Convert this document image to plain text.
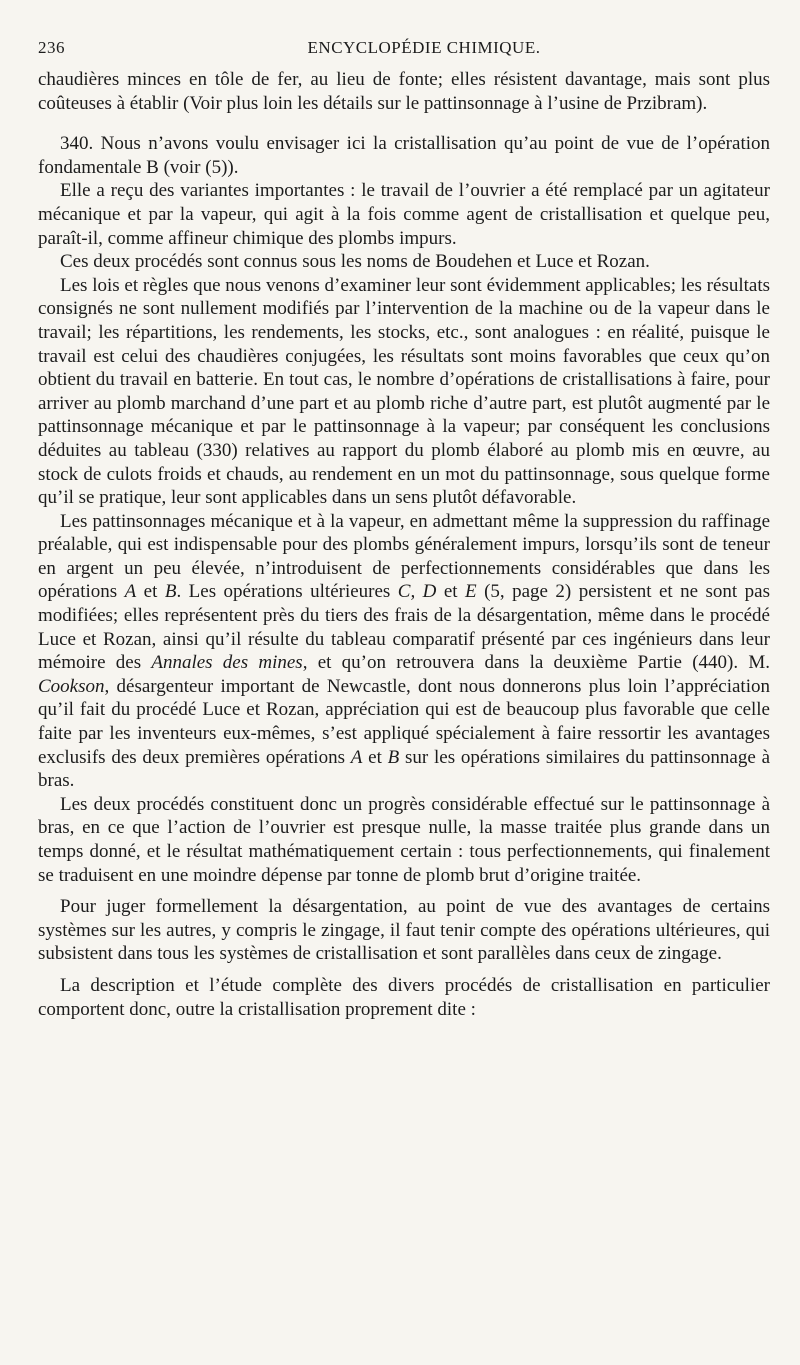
236	ENCYCLOPÉDIE CHIMIQUE.

chaudières minces en tôle de fer, au lieu de fonte; elles résistent davantage, mais sont plus coûteuses à établir (Voir plus loin les détails sur le pattinsonnage à l’usine de Przibram).

340. Nous n’avons voulu envisager ici la cristallisation qu’au point de vue de l’opération fondamentale B (voir (5)).

Elle a reçu des variantes importantes : le travail de l’ouvrier a été remplacé par un agitateur mécanique et par la vapeur, qui agit à la fois comme agent de cristallisation et quelque peu, paraît-il, comme affineur chimique des plombs impurs.

Ces deux procédés sont connus sous les noms de Boudehen et Luce et Rozan.

Les lois et règles que nous venons d’examiner leur sont évidemment applicables; les résultats consignés ne sont nullement modifiés par l’intervention de la machine ou de la vapeur dans le travail; les répartitions, les rendements, les stocks, etc., sont analogues : en réalité, puisque le travail est celui des chaudières conjugées, les résultats sont moins favorables que ceux qu’on obtient du travail en batterie. En tout cas, le nombre d’opérations de cristallisations à faire, pour arriver au plomb marchand d’une part et au plomb riche d’autre part, est plutôt augmenté par le pattinsonnage mécanique et par le pattinsonnage à la vapeur; par conséquent les conclusions déduites au tableau (330) relatives au rapport du plomb élaboré au plomb mis en œuvre, au stock de culots froids et chauds, au rendement en un mot du pattinsonnage, sous quelque forme qu’il se pratique, leur sont applicables dans un sens plutôt défavorable.

Les pattinsonnages mécanique et à la vapeur, en admettant même la suppression du raffinage préalable, qui est indispensable pour des plombs généralement impurs, lorsqu’ils sont de teneur en argent un peu élevée, n’introduisent de perfectionnements considérables que dans les opérations A et B. Les opérations ultérieures C, D et E (5, page 2) persistent et ne sont pas modifiées; elles représentent près du tiers des frais de la désargentation, même dans le procédé Luce et Rozan, ainsi qu’il résulte du tableau comparatif présenté par ces ingénieurs dans leur mémoire des Annales des mines, et qu’on retrouvera dans la deuxième Partie (440). M. Cookson, désargenteur important de Newcastle, dont nous donnerons plus loin l’appréciation qu’il fait du procédé Luce et Rozan, appréciation qui est de beaucoup plus favorable que celle faite par les inventeurs eux-mêmes, s’est appliqué spécialement à faire ressortir les avantages exclusifs des deux premières opérations A et B sur les opérations similaires du pattinsonnage à bras.

Les deux procédés constituent donc un progrès considérable effectué sur le pattinsonnage à bras, en ce que l’action de l’ouvrier est presque nulle, la masse traitée plus grande dans un temps donné, et le résultat mathématiquement certain : tous perfectionnements, qui finalement se traduisent en une moindre dépense par tonne de plomb brut d’origine traitée.

Pour juger formellement la désargentation, au point de vue des avantages de certains systèmes sur les autres, y compris le zingage, il faut tenir compte des opérations ultérieures, qui subsistent dans tous les systèmes de cristallisation et sont parallèles dans ceux de zingage.

La description et l’étude complète des divers procédés de cristallisation en particulier comportent donc, outre la cristallisation proprement dite :
